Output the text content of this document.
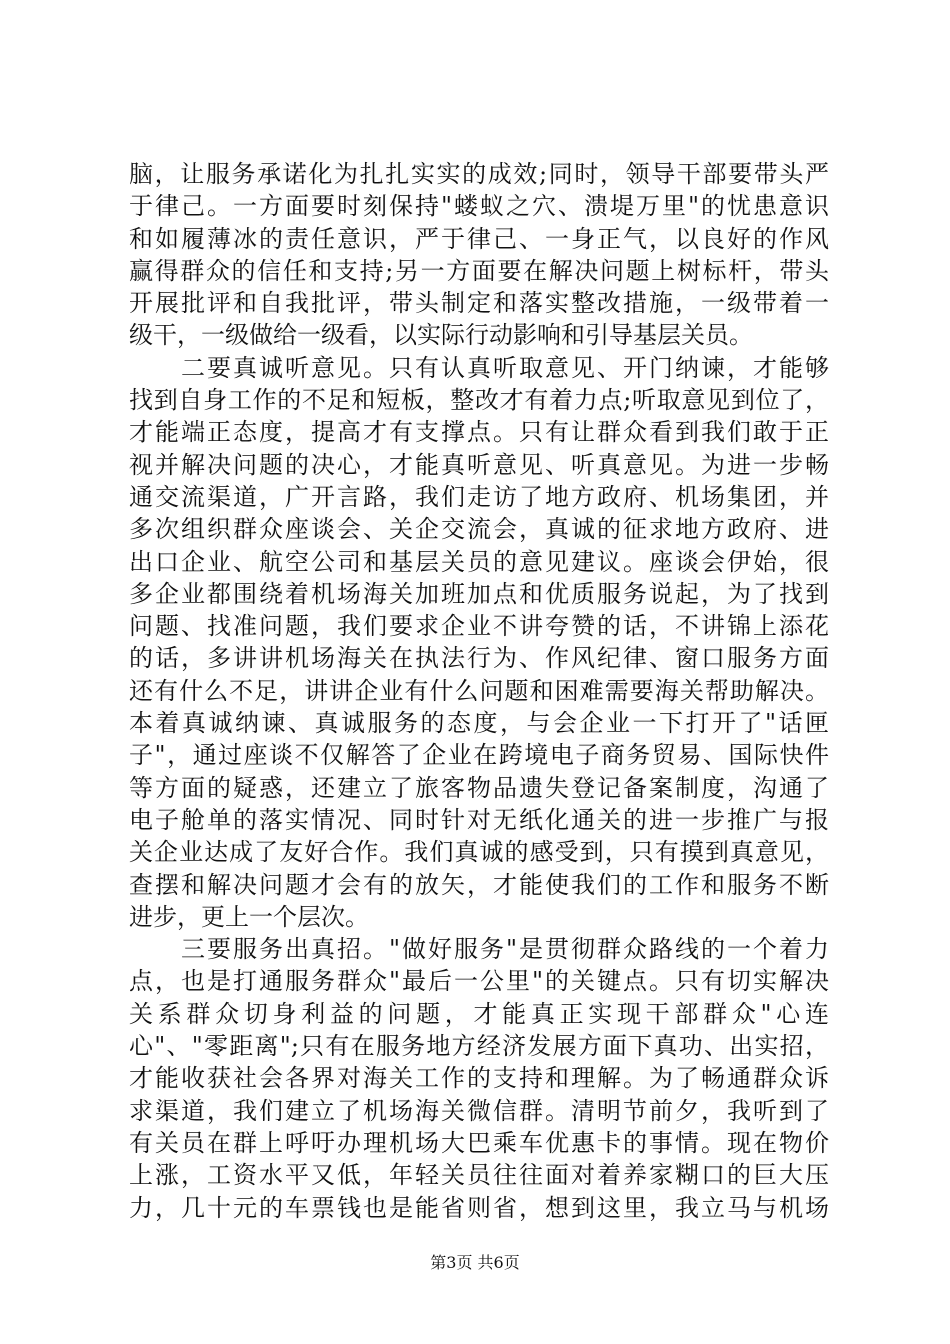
脑，让服务承诺化为扎扎实实的成效;同时，领导干部要带头严
于律己。一方面要时刻保持"蝼蚁之穴、溃堤万里"的忧患意识
和如履薄冰的责任意识，严于律己、一身正气，以良好的作风
赢得群众的信任和支持;另一方面要在解决问题上树标杆，带头
开展批评和自我批评，带头制定和落实整改措施，一级带着一
级干，一级做给一级看，以实际行动影响和引导基层关员。
　　二要真诚听意见。只有认真听取意见、开门纳谏，才能够
找到自身工作的不足和短板，整改才有着力点;听取意见到位了，
才能端正态度，提高才有支撑点。只有让群众看到我们敢于正
视并解决问题的决心，才能真听意见、听真意见。为进一步畅
通交流渠道，广开言路，我们走访了地方政府、机场集团，并
多次组织群众座谈会、关企交流会，真诚的征求地方政府、进
出口企业、航空公司和基层关员的意见建议。座谈会伊始，很
多企业都围绕着机场海关加班加点和优质服务说起，为了找到
问题、找准问题，我们要求企业不讲夸赞的话，不讲锦上添花
的话，多讲讲机场海关在执法行为、作风纪律、窗口服务方面
还有什么不足，讲讲企业有什么问题和困难需要海关帮助解决。
本着真诚纳谏、真诚服务的态度，与会企业一下打开了"话匣
子"，通过座谈不仅解答了企业在跨境电子商务贸易、国际快件
等方面的疑惑，还建立了旅客物品遗失登记备案制度，沟通了
电子舱单的落实情况、同时针对无纸化通关的进一步推广与报
关企业达成了友好合作。我们真诚的感受到，只有摸到真意见，
查摆和解决问题才会有的放矢，才能使我们的工作和服务不断
进步，更上一个层次。
　　三要服务出真招。"做好服务"是贯彻群众路线的一个着力
点，也是打通服务群众"最后一公里"的关键点。只有切实解决
关系群众切身利益的问题，才能真正实现干部群众"心连
心"、"零距离";只有在服务地方经济发展方面下真功、出实招，
才能收获社会各界对海关工作的支持和理解。为了畅通群众诉
求渠道，我们建立了机场海关微信群。清明节前夕，我听到了
有关员在群上呼吁办理机场大巴乘车优惠卡的事情。现在物价
上涨，工资水平又低，年轻关员往往面对着养家糊口的巨大压
力，几十元的车票钱也是能省则省，想到这里，我立马与机场
第3页 共6页
